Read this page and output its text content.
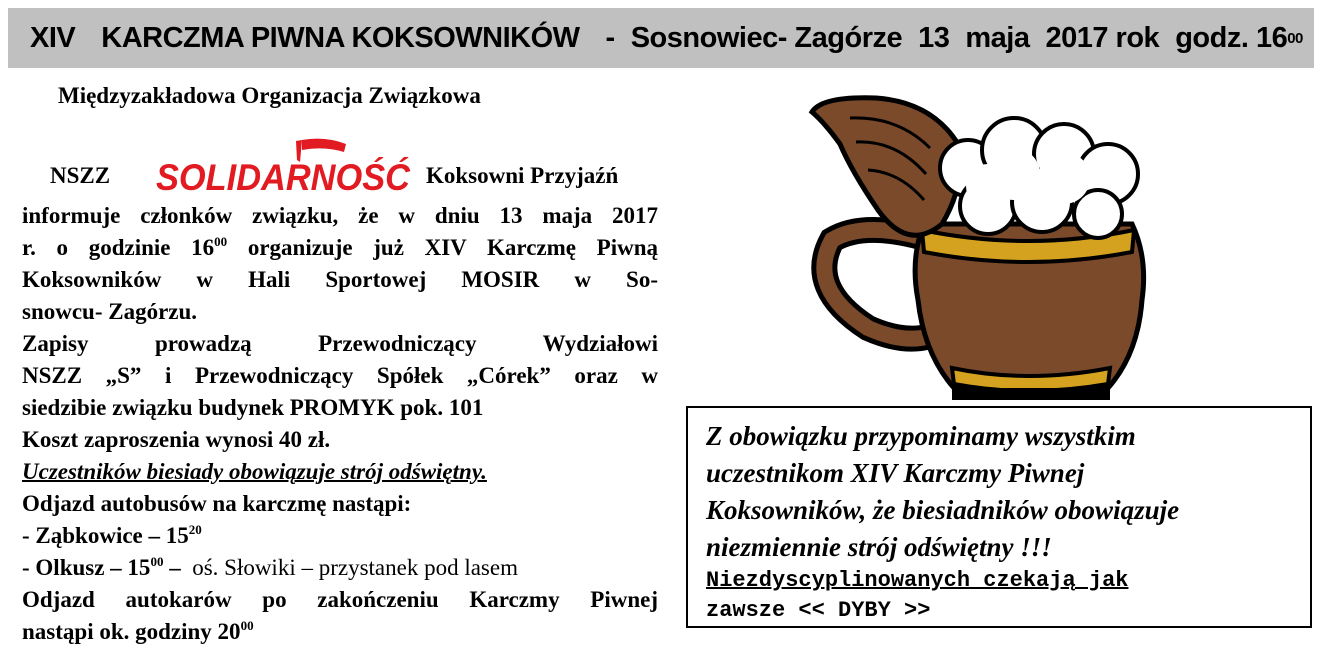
XIV KARCZMA PIWNA KOKSOWNIKÓW - Sosnowiec- Zagórze 13 maja 2017 rok godz. 16 00
Międzyzakładowa Organizacja Związkowa
NSZZ SOLIDARNOŚĆ Koksowni Przyjaźń
informuje członków związku, że w dniu 13 maja 2017
r. o godzinie $16^{00}$ organizuje już XIV Karczmę Piwną
Koksowników w Hali Sportowej MOSIR w So-
snowcu- Zagórzu.
Zapisy prowadzą Przewodniczący Wydziałowi
NSZZ „S” i Przewodniczący Spółek „Córek” oraz w
siedzibie związku budynek PROMYK pok. 101
Koszt zaproszenia wynosi 40 zł.
Uczestników biesiady obowiązuje strój odświętny.
Odjazd autobusów na karczmę nastąpi:
- Ząbkowice – $15^{20}$
- Olkusz – $15^{00}$ – oś. Słowiki – przystanek pod lasem
Odjazd autokarów po zakończeniu Karczmy Piwnej
nastąpi ok. godziny $20^{00}$
Z obowiązku przypominamy wszystkim
uczestnikom XIV Karczmy Piwnej
Koksowników, że biesiadników obowiązuje
niezmiennie strój odświętny !!!
Niezdyscyplinowanych czekają jak
zawsze << DYBY >>
